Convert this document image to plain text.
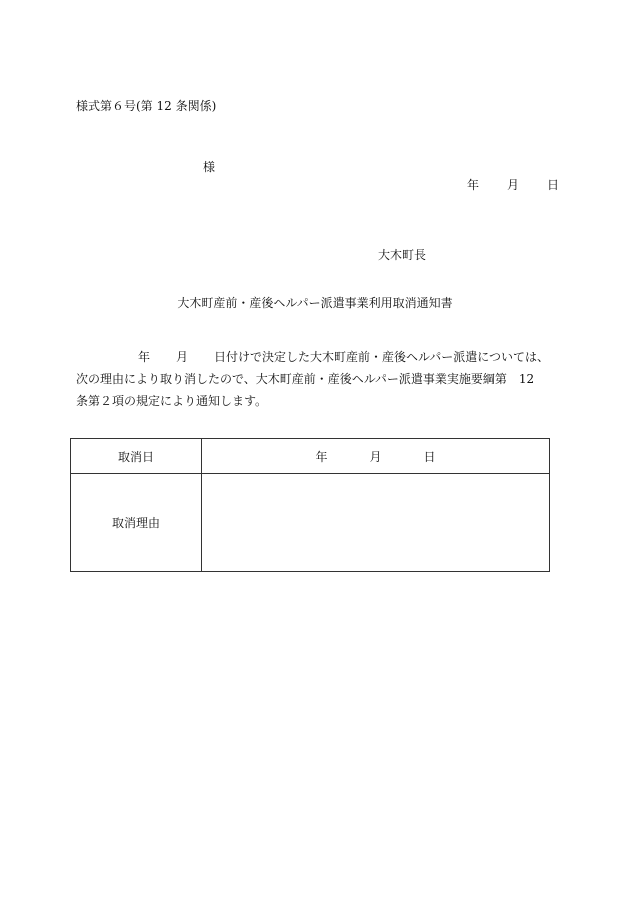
様式第６号(第 12 条関係)
様
年 月 日
大木町長
大木町産前・産後ヘルパー派遣事業利用取消通知書
年 月 日付けで決定した大木町産前・産後ヘルパー派遣については、
次の理由により取り消したので、大木町産前・産後ヘルパー派遣事業実施要綱第　12
条第２項の規定により通知します。
取消日	年 月 日
取消理由	
